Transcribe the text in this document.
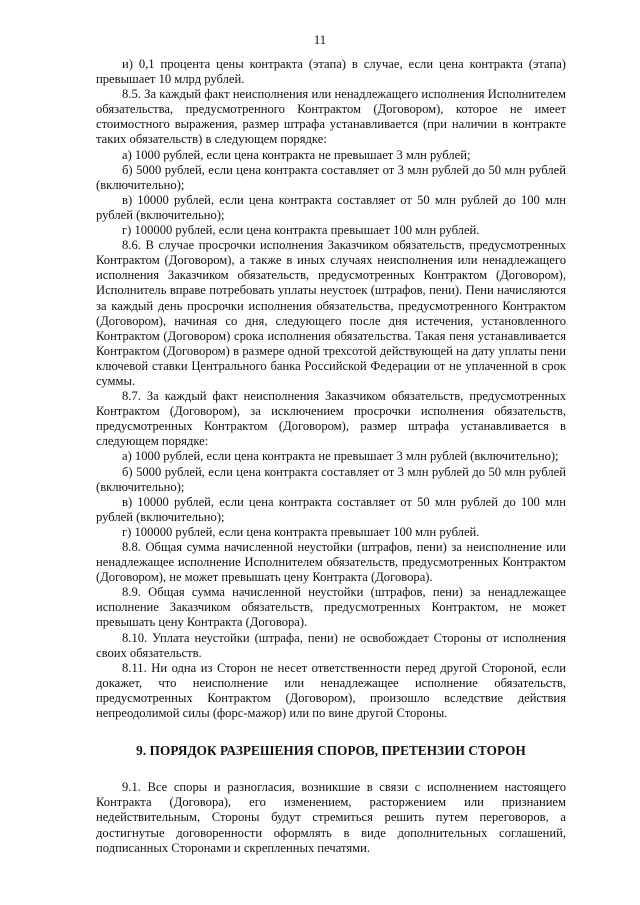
11

и) 0,1 процента цены контракта (этапа) в случае, если цена контракта (этапа) превышает 10 млрд рублей.

8.5. За каждый факт неисполнения или ненадлежащего исполнения Исполнителем обязательства, предусмотренного Контрактом (Договором), которое не имеет стоимостного выражения, размер штрафа устанавливается (при наличии в контракте таких обязательств) в следующем порядке:

а) 1000 рублей, если цена контракта не превышает 3 млн рублей;

б) 5000 рублей, если цена контракта составляет от 3 млн рублей до 50 млн рублей (включительно);

в) 10000 рублей, если цена контракта составляет от 50 млн рублей до 100 млн рублей (включительно);

г) 100000 рублей, если цена контракта превышает 100 млн рублей.

8.6. В случае просрочки исполнения Заказчиком обязательств, предусмотренных Контрактом (Договором), а также в иных случаях неисполнения или ненадлежащего исполнения Заказчиком обязательств, предусмотренных Контрактом (Договором), Исполнитель вправе потребовать уплаты неустоек (штрафов, пени). Пени начисляются за каждый день просрочки исполнения обязательства, предусмотренного Контрактом (Договором), начиная со дня, следующего после дня истечения, установленного Контрактом (Договором) срока исполнения обязательства. Такая пеня устанавливается Контрактом (Договором) в размере одной трехсотой действующей на дату уплаты пени ключевой ставки Центрального банка Российской Федерации от не уплаченной в срок суммы.

8.7. За каждый факт неисполнения Заказчиком обязательств, предусмотренных Контрактом (Договором), за исключением просрочки исполнения обязательств, предусмотренных Контрактом (Договором), размер штрафа устанавливается в следующем порядке:

а) 1000 рублей, если цена контракта не превышает 3 млн рублей (включительно);

б) 5000 рублей, если цена контракта составляет от 3 млн рублей до 50 млн рублей (включительно);

в) 10000 рублей, если цена контракта составляет от 50 млн рублей до 100 млн рублей (включительно);

г) 100000 рублей, если цена контракта превышает 100 млн рублей.

8.8. Общая сумма начисленной неустойки (штрафов, пени) за неисполнение или ненадлежащее исполнение Исполнителем обязательств, предусмотренных Контрактом (Договором), не может превышать цену Контракта (Договора).

8.9. Общая сумма начисленной неустойки (штрафов, пени) за ненадлежащее исполнение Заказчиком обязательств, предусмотренных Контрактом, не может превышать цену Контракта (Договора).

8.10. Уплата неустойки (штрафа, пени) не освобождает Стороны от исполнения своих обязательств.

8.11. Ни одна из Сторон не несет ответственности перед другой Стороной, если докажет, что неисполнение или ненадлежащее исполнение обязательств, предусмотренных Контрактом (Договором), произошло вследствие действия непреодолимой силы (форс-мажор) или по вине другой Стороны.

9. ПОРЯДОК РАЗРЕШЕНИЯ СПОРОВ, ПРЕТЕНЗИИ СТОРОН

9.1. Все споры и разногласия, возникшие в связи с исполнением настоящего Контракта (Договора), его изменением, расторжением или признанием недействительным, Стороны будут стремиться решить путем переговоров, а достигнутые договоренности оформлять в виде дополнительных соглашений, подписанных Сторонами и скрепленных печатями.
